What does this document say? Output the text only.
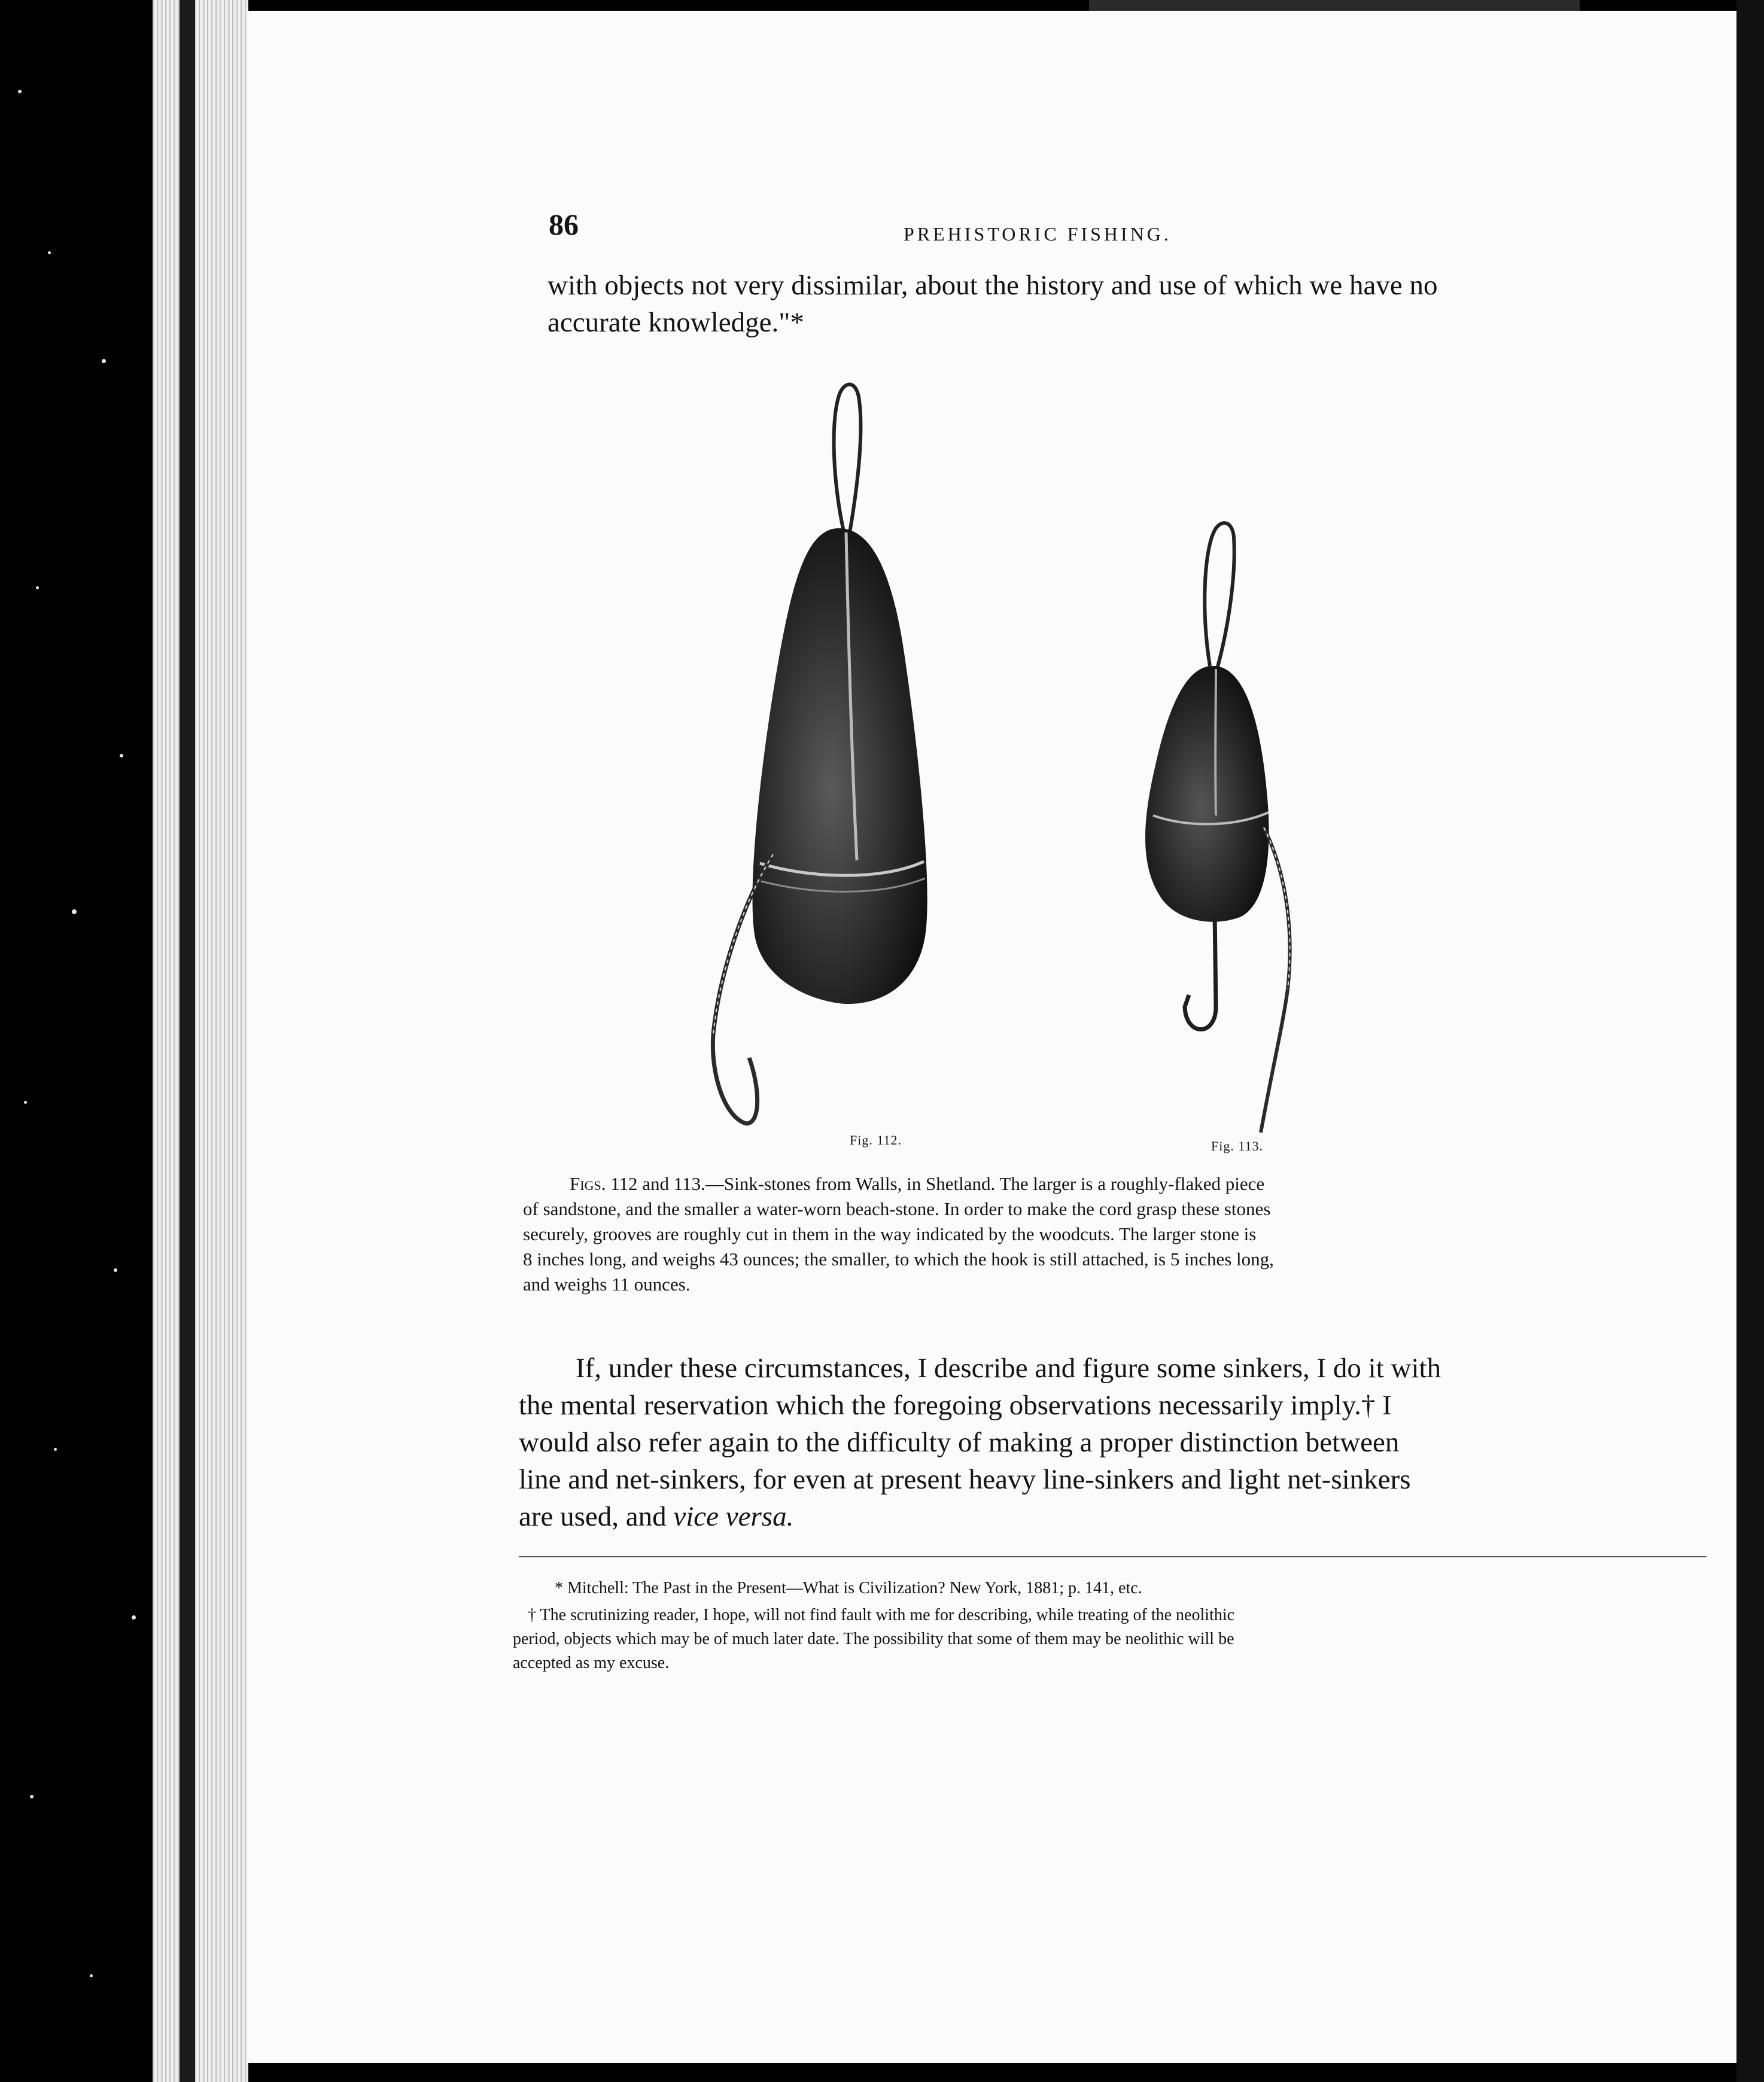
86	PREHISTORIC FISHING.

with objects not very dissimilar, about the history and use of which we have no

accurate knowledge."*

Fig. 112.	Fig. 113.

Figs. 112 and 113.—Sink-stones from Walls, in Shetland. The larger is a roughly-flaked piece

of sandstone, and the smaller a water-worn beach-stone. In order to make the cord grasp these stones

securely, grooves are roughly cut in them in the way indicated by the woodcuts. The larger stone is

8 inches long, and weighs 43 ounces; the smaller, to which the hook is still attached, is 5 inches long,

and weighs 11 ounces.

If, under these circumstances, I describe and figure some sinkers, I do it with

the mental reservation which the foregoing observations necessarily imply.† I

would also refer again to the difficulty of making a proper distinction between

line and net-sinkers, for even at present heavy line-sinkers and light net-sinkers

are used, and vice versa.

* Mitchell: The Past in the Present—What is Civilization? New York, 1881; p. 141, etc.

† The scrutinizing reader, I hope, will not find fault with me for describing, while treating of the neolithic

period, objects which may be of much later date. The possibility that some of them may be neolithic will be

accepted as my excuse.
